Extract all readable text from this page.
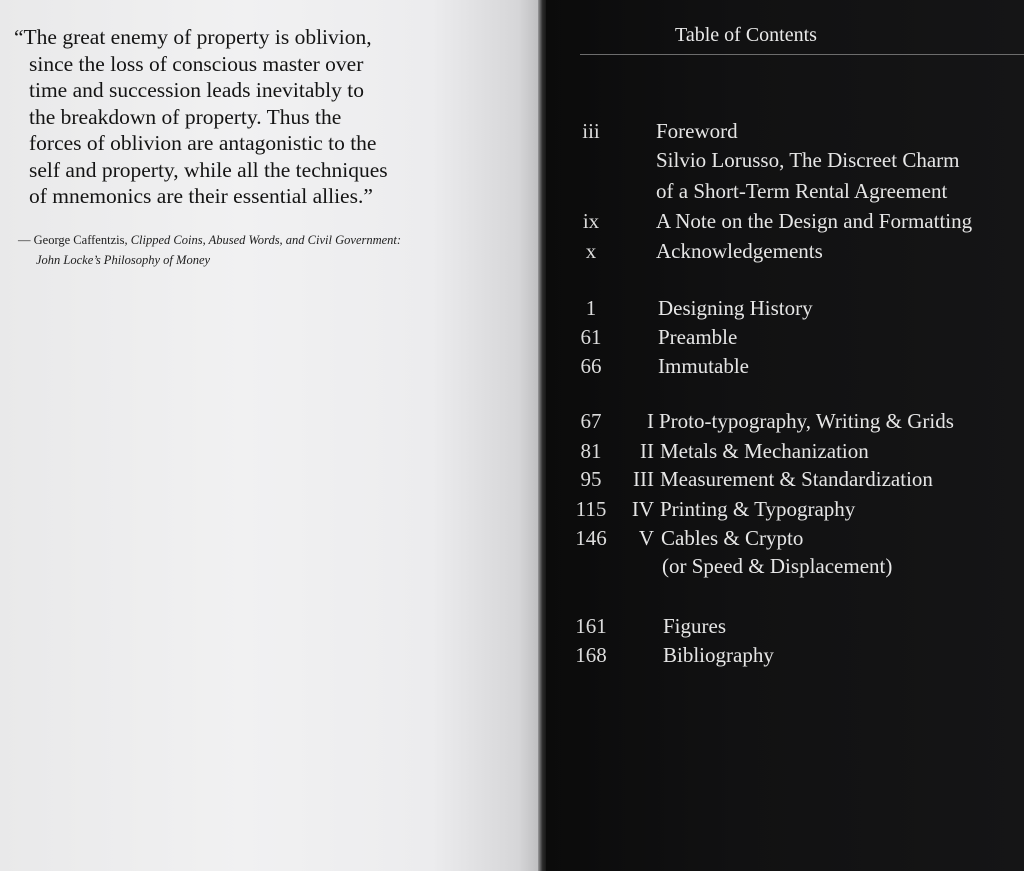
“The great enemy of property is oblivion,
since the loss of conscious master over
time and succession leads inevitably to
the breakdown of property. Thus the
forces of oblivion are antagonistic to the
self and property, while all the techniques
of mnemonics are their essential allies.”

— George Caffentzis, Clipped Coins, Abused Words, and Civil Government:
John Locke’s Philosophy of Money

Table of Contents
iii	Foreword
Silvio Lorusso, The Discreet Charm
of a Short-Term Rental Agreement
ix	A Note on the Design and Formatting
x	Acknowledgements
1	Designing History
61	Preamble
66	Immutable
67	I Proto-typography, Writing & Grids
81	II Metals & Mechanization
95	III Measurement & Standardization
115	IV Printing & Typography
146	V Cables & Crypto
(or Speed & Displacement)
161	Figures
168	Bibliography
